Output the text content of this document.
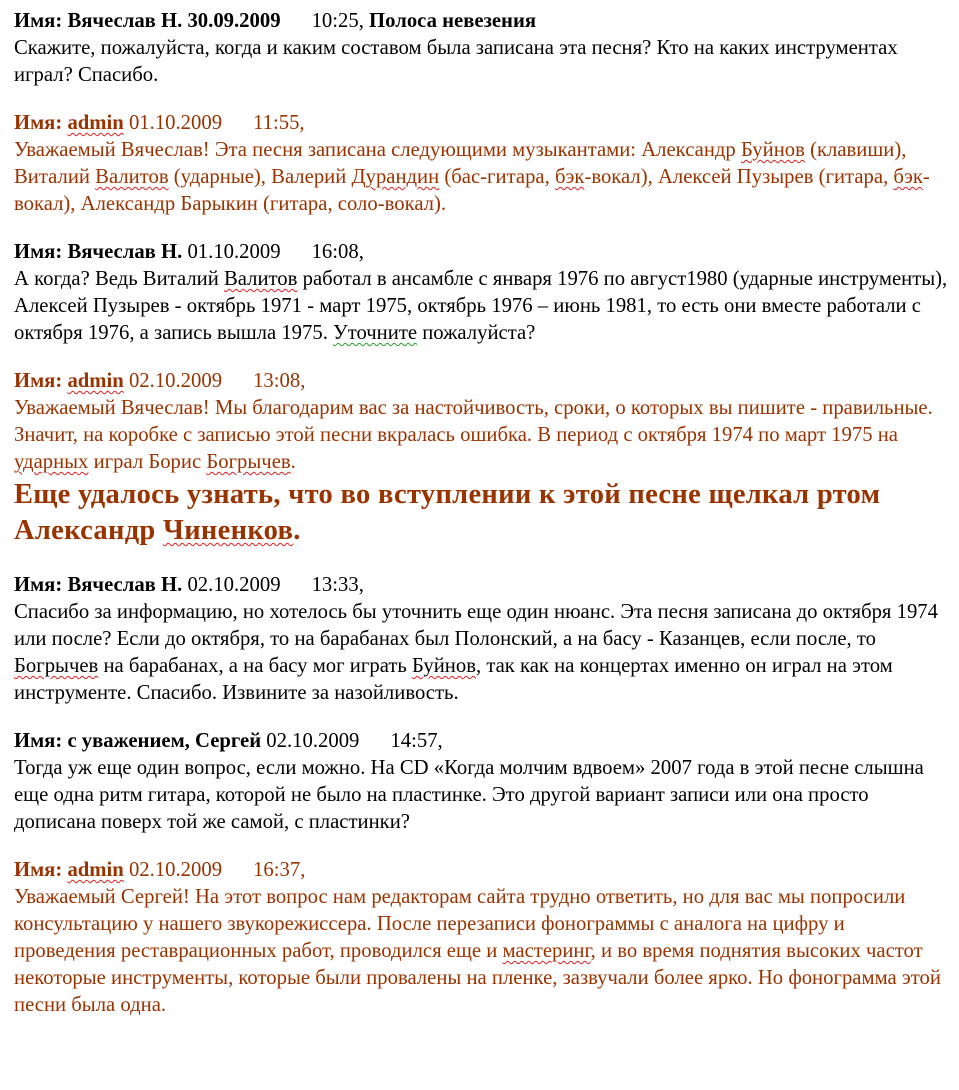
Имя: Вячеслав Н. 30.09.2009 10:25, Полоса невезения

Скажите, пожалуйста, когда и каким составом была записана эта песня? Кто на каких инструментах играл? Спасибо.

Имя: admin 01.10.2009 11:55,

Уважаемый Вячеслав! Эта песня записана следующими музыкантами: Александр Буйнов (клавиши), Виталий Валитов (ударные), Валерий Дурандин (бас-гитара, бэк-вокал), Алексей Пузырев (гитара, бэк-вокал), Александр Барыкин (гитара, соло-вокал).

Имя: Вячеслав Н. 01.10.2009 16:08,

А когда? Ведь Виталий Валитов работал в ансамбле с января 1976 по август1980 (ударные инструменты), Алексей Пузырев - октябрь 1971 - март 1975, октябрь 1976 – июнь 1981, то есть они вместе работали с октября 1976, а запись вышла 1975. Уточните пожалуйста?

Имя: admin 02.10.2009 13:08,

Уважаемый Вячеслав! Мы благодарим вас за настойчивость, сроки, о которых вы пишите - правильные. Значит, на коробке с записью этой песни вкралась ошибка. В период с октября 1974 по март 1975 на ударных играл Борис Богрычев.

Еще удалось узнать, что во вступлении к этой песне щелкал ртом Александр Чиненков.

Имя: Вячеслав Н. 02.10.2009 13:33,

Спасибо за информацию, но хотелось бы уточнить еще один нюанс. Эта песня записана до октября 1974 или после? Если до октября, то на барабанах был Полонский, а на басу - Казанцев, если после, то Богрычев на барабанах, а на басу мог играть Буйнов, так как на концертах именно он играл на этом инструменте. Спасибо. Извините за назойливость.

Имя: с уважением, Сергей 02.10.2009 14:57,

Тогда уж еще один вопрос, если можно. На CD «Когда молчим вдвоем» 2007 года в этой песне слышна еще одна ритм гитара, которой не было на пластинке. Это другой вариант записи или она просто дописана поверх той же самой, с пластинки?

Имя: admin 02.10.2009 16:37,

Уважаемый Сергей! На этот вопрос нам редакторам сайта трудно ответить, но для вас мы попросили консультацию у нашего звукорежиссера. После перезаписи фонограммы с аналога на цифру и проведения реставрационных работ, проводился еще и мастеринг, и во время поднятия высоких частот некоторые инструменты, которые были провалены на пленке, зазвучали более ярко. Но фонограмма этой песни была одна.
